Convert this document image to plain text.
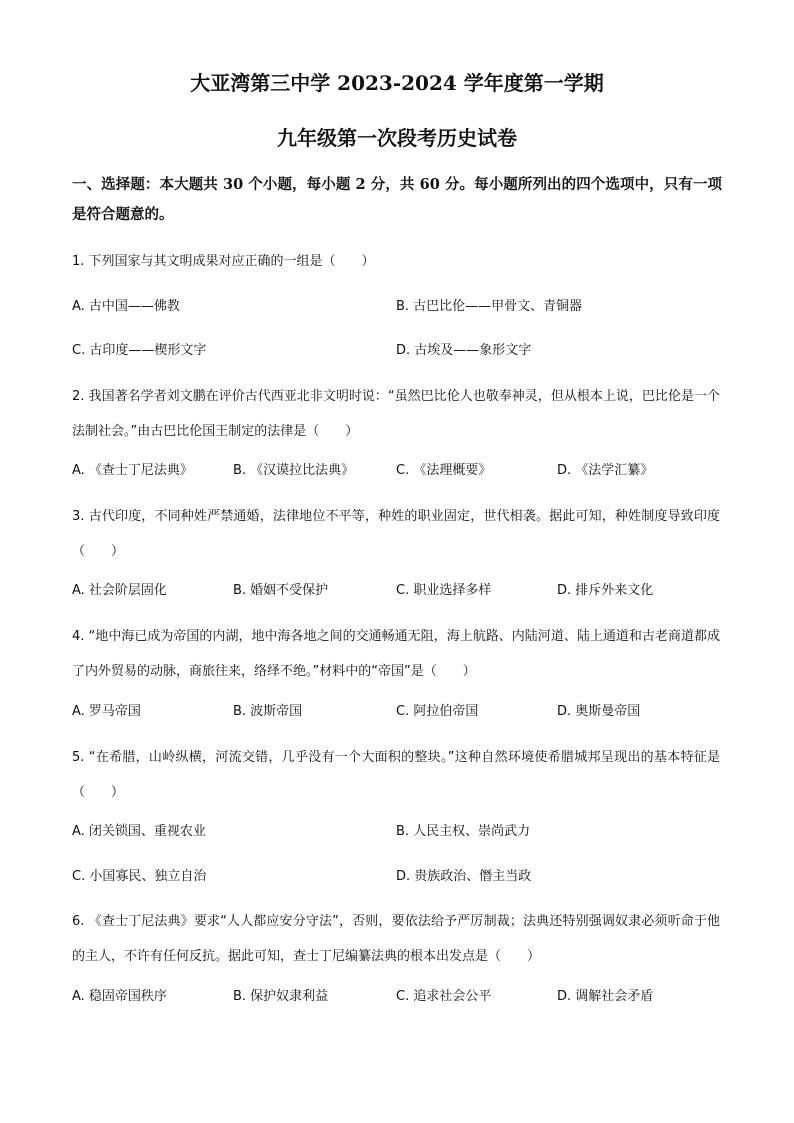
大亚湾第三中学 2023-2024 学年度第一学期
九年级第一次段考历史试卷
一、选择题：本大题共 30 个小题，每小题 2 分，共 60 分。每小题所列出的四个选项中，只有一项是符合题意的。
1. 下列国家与其文明成果对应正确的一组是（　　）
A. 古中国——佛教	B. 古巴比伦——甲骨文、青铜器
C. 古印度——楔形文字	D. 古埃及——象形文字
2. 我国著名学者刘文鹏在评价古代西亚北非文明时说：“虽然巴比伦人也敬奉神灵，但从根本上说，巴比伦是一个法制社会。”由古巴比伦国王制定的法律是（　　）
A. 《查士丁尼法典》	B. 《汉谟拉比法典》	C. 《法理概要》	D. 《法学汇纂》
3. 古代印度，不同种姓严禁通婚，法律地位不平等，种姓的职业固定，世代相袭。据此可知，种姓制度导致印度（　　）
A. 社会阶层固化	B. 婚姻不受保护	C. 职业选择多样	D. 排斥外来文化
4. “地中海已成为帝国的内湖，地中海各地之间的交通畅通无阻，海上航路、内陆河道、陆上通道和古老商道都成了内外贸易的动脉，商旅往来，络绎不绝。”材料中的“帝国”是（　　）
A. 罗马帝国	B. 波斯帝国	C. 阿拉伯帝国	D. 奥斯曼帝国
5. “在希腊，山岭纵横，河流交错，几乎没有一个大面积的整块。”这种自然环境使希腊城邦呈现出的基本特征是（　　）
A. 闭关锁国、重视农业	B. 人民主权、崇尚武力
C. 小国寡民、独立自治	D. 贵族政治、僭主当政
6. 《查士丁尼法典》要求“人人都应安分守法”，否则，要依法给予严厉制裁；法典还特别强调奴隶必须听命于他的主人，不许有任何反抗。据此可知，查士丁尼编纂法典的根本出发点是（　　）
A. 稳固帝国秩序	B. 保护奴隶利益	C. 追求社会公平	D. 调解社会矛盾
